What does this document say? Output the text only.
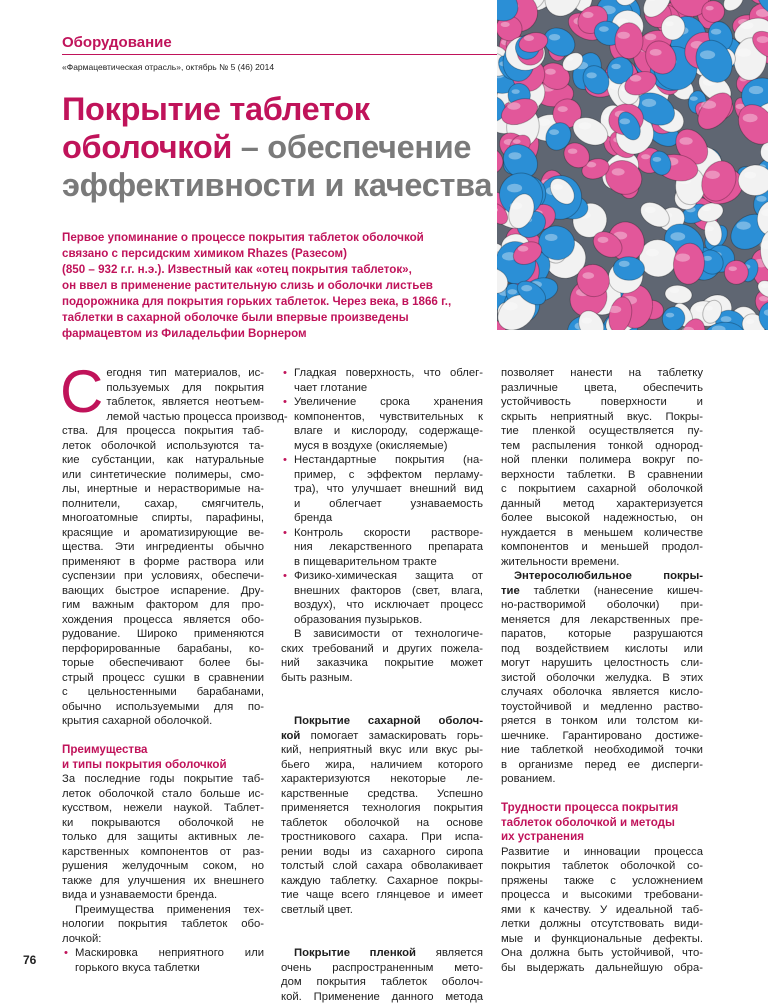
Оборудование
«Фармацевтическая отрасль», октябрь № 5 (46) 2014
Покрытие таблеток
оболочкой – обеспечение
эффективности и качества
Первое упоминание о процессе покрытия таблеток оболочкой
связано с персидским химиком Rhazes (Разесом)
(850 – 932 г.г. н.э.). Известный как «отец покрытия таблеток»,
он ввел в применение растительную слизь и оболочки листьев
подорожника для покрытия горьких таблеток. Через века, в 1866 г.,
таблетки в сахарной оболочке были впервые произведены
фармацевтом из Филадельфии Ворнером
С егодня тип материалов, ис-
пользуемых для покрытия
таблеток, является неотъем-
лемой частью процесса производ-
ства. Для процесса покрытия таб-
леток оболочкой используются та-
кие субстанции, как натуральные
или синтетические полимеры, смо-
лы, инертные и нерастворимые на-
полнители, сахар, смягчитель,
многоатомные спирты, парафины,
красящие и ароматизирующие ве-
щества. Эти ингредиенты обычно
применяют в форме раствора или
суспензии при условиях, обеспечи-
вающих быстрое испарение. Дру-
гим важным фактором для про-
хождения процесса является обо-
рудование. Широко применяются
перфорированные барабаны, ко-
торые обеспечивают более бы-
стрый процесс сушки в сравнении
с цельностенными барабанами,
обычно используемыми для по-
крытия сахарной оболочкой.
Преимущества
и типы покрытия оболочкой
За последние годы покрытие таб-
леток оболочкой стало больше ис-
кусством, нежели наукой. Таблет-
ки покрываются оболочкой не
только для защиты активных ле-
карственных компонентов от раз-
рушения желудочным соком, но
также для улучшения их внешнего
вида и узнаваемости бренда.
Преимущества применения тех-
нологии покрытия таблеток обо-
лочкой:
• Маскировка неприятного или
горького вкуса таблетки
• Гладкая поверхность, что облег-
чает глотание
• Увеличение срока хранения
компонентов, чувствительных к
влаге и кислороду, содержаще-
муся в воздухе (окисляемые)
• Нестандартные покрытия (на-
пример, с эффектом перламу-
тра), что улучшает внешний вид
и облегчает узнаваемость
бренда
• Контроль скорости растворе-
ния лекарственного препарата
в пищеварительном тракте
• Физико-химическая защита от
внешних факторов (свет, влага,
воздух), что исключает процесс
образования пузырьков.
В зависимости от технологиче-
ских требований и других пожела-
ний заказчика покрытие может
быть разным.
Покрытие сахарной оболоч-
кой помогает замаскировать горь-
кий, неприятный вкус или вкус ры-
бьего жира, наличием которого
характеризуются некоторые ле-
карственные средства. Успешно
применяется технология покрытия
таблеток оболочкой на основе
тростникового сахара. При испа-
рении воды из сахарного сиропа
толстый слой сахара обволакивает
каждую таблетку. Сахарное покры-
тие чаще всего глянцевое и имеет
светлый цвет.
Покрытие пленкой является
очень распространенным мето-
дом покрытия таблеток оболоч-
кой. Применение данного метода
позволяет нанести на таблетку
различные цвета, обеспечить
устойчивость поверхности и
скрыть неприятный вкус. Покры-
тие пленкой осуществляется пу-
тем распыления тонкой однород-
ной пленки полимера вокруг по-
верхности таблетки. В сравнении
с покрытием сахарной оболочкой
данный метод характеризуется
более высокой надежностью, он
нуждается в меньшем количестве
компонентов и меньшей продол-
жительности времени.
Энтеросолюбильное покры-
тие таблетки (нанесение кишеч-
но-растворимой оболочки) при-
меняется для лекарственных пре-
паратов, которые разрушаются
под воздействием кислоты или
могут нарушить целостность сли-
зистой оболочки желудка. В этих
случаях оболочка является кисло-
тоустойчивой и медленно раство-
ряется в тонком или толстом ки-
шечнике. Гарантировано достиже-
ние таблеткой необходимой точки
в организме перед ее дисперги-
рованием.
Трудности процесса покрытия
таблеток оболочкой и методы
их устранения
Развитие и инновации процесса
покрытия таблеток оболочкой со-
пряжены также с усложнением
процесса и высокими требовани-
ями к качеству. У идеальной таб-
летки должны отсутствовать види-
мые и функциональные дефекты.
Она должна быть устойчивой, что-
бы выдержать дальнейшую обра-
76
